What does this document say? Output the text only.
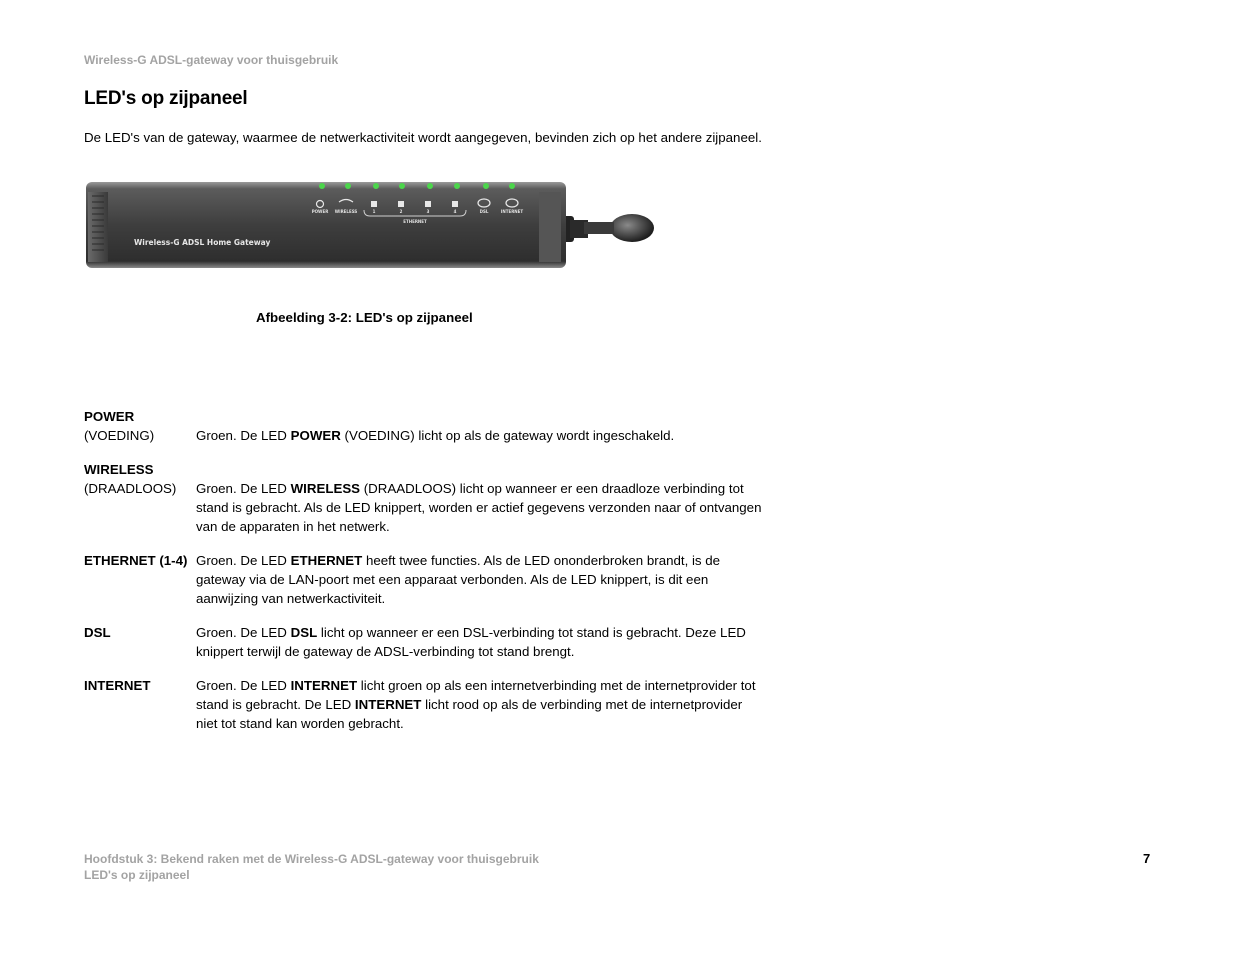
Wireless-G ADSL-gateway voor thuisgebruik
LED's op zijpaneel
De LED's van de gateway, waarmee de netwerkactiviteit wordt aangegeven, bevinden zich op het andere zijpaneel.
POWER WIRELESS	1	2	3	4	DSL	INTERNET
ETHERNET
Wireless-G ADSL Home Gateway
Afbeelding 3-2: LED's op zijpaneel
POWER
(VOEDING)	Groen. De LED POWER (VOEDING) licht op als de gateway wordt ingeschakeld.
WIRELESS
(DRAADLOOS)	Groen. De LED WIRELESS (DRAADLOOS) licht op wanneer er een draadloze verbinding tot stand is gebracht. Als de LED knippert, worden er actief gegevens verzonden naar of ontvangen van de apparaten in het netwerk.
ETHERNET (1-4) Groen. De LED ETHERNET heeft twee functies. Als de LED ononderbroken brandt, is de gateway via de LAN-poort met een apparaat verbonden. Als de LED knippert, is dit een aanwijzing van netwerkactiviteit.
DSL	Groen. De LED DSL licht op wanneer er een DSL-verbinding tot stand is gebracht. Deze LED knippert terwijl de gateway de ADSL-verbinding tot stand brengt.
INTERNET	Groen. De LED INTERNET licht groen op als een internetverbinding met de internetprovider tot stand is gebracht. De LED INTERNET licht rood op als de verbinding met de internetprovider niet tot stand kan worden gebracht.
Hoofdstuk 3: Bekend raken met de Wireless-G ADSL-gateway voor thuisgebruik
LED's op zijpaneel
7
